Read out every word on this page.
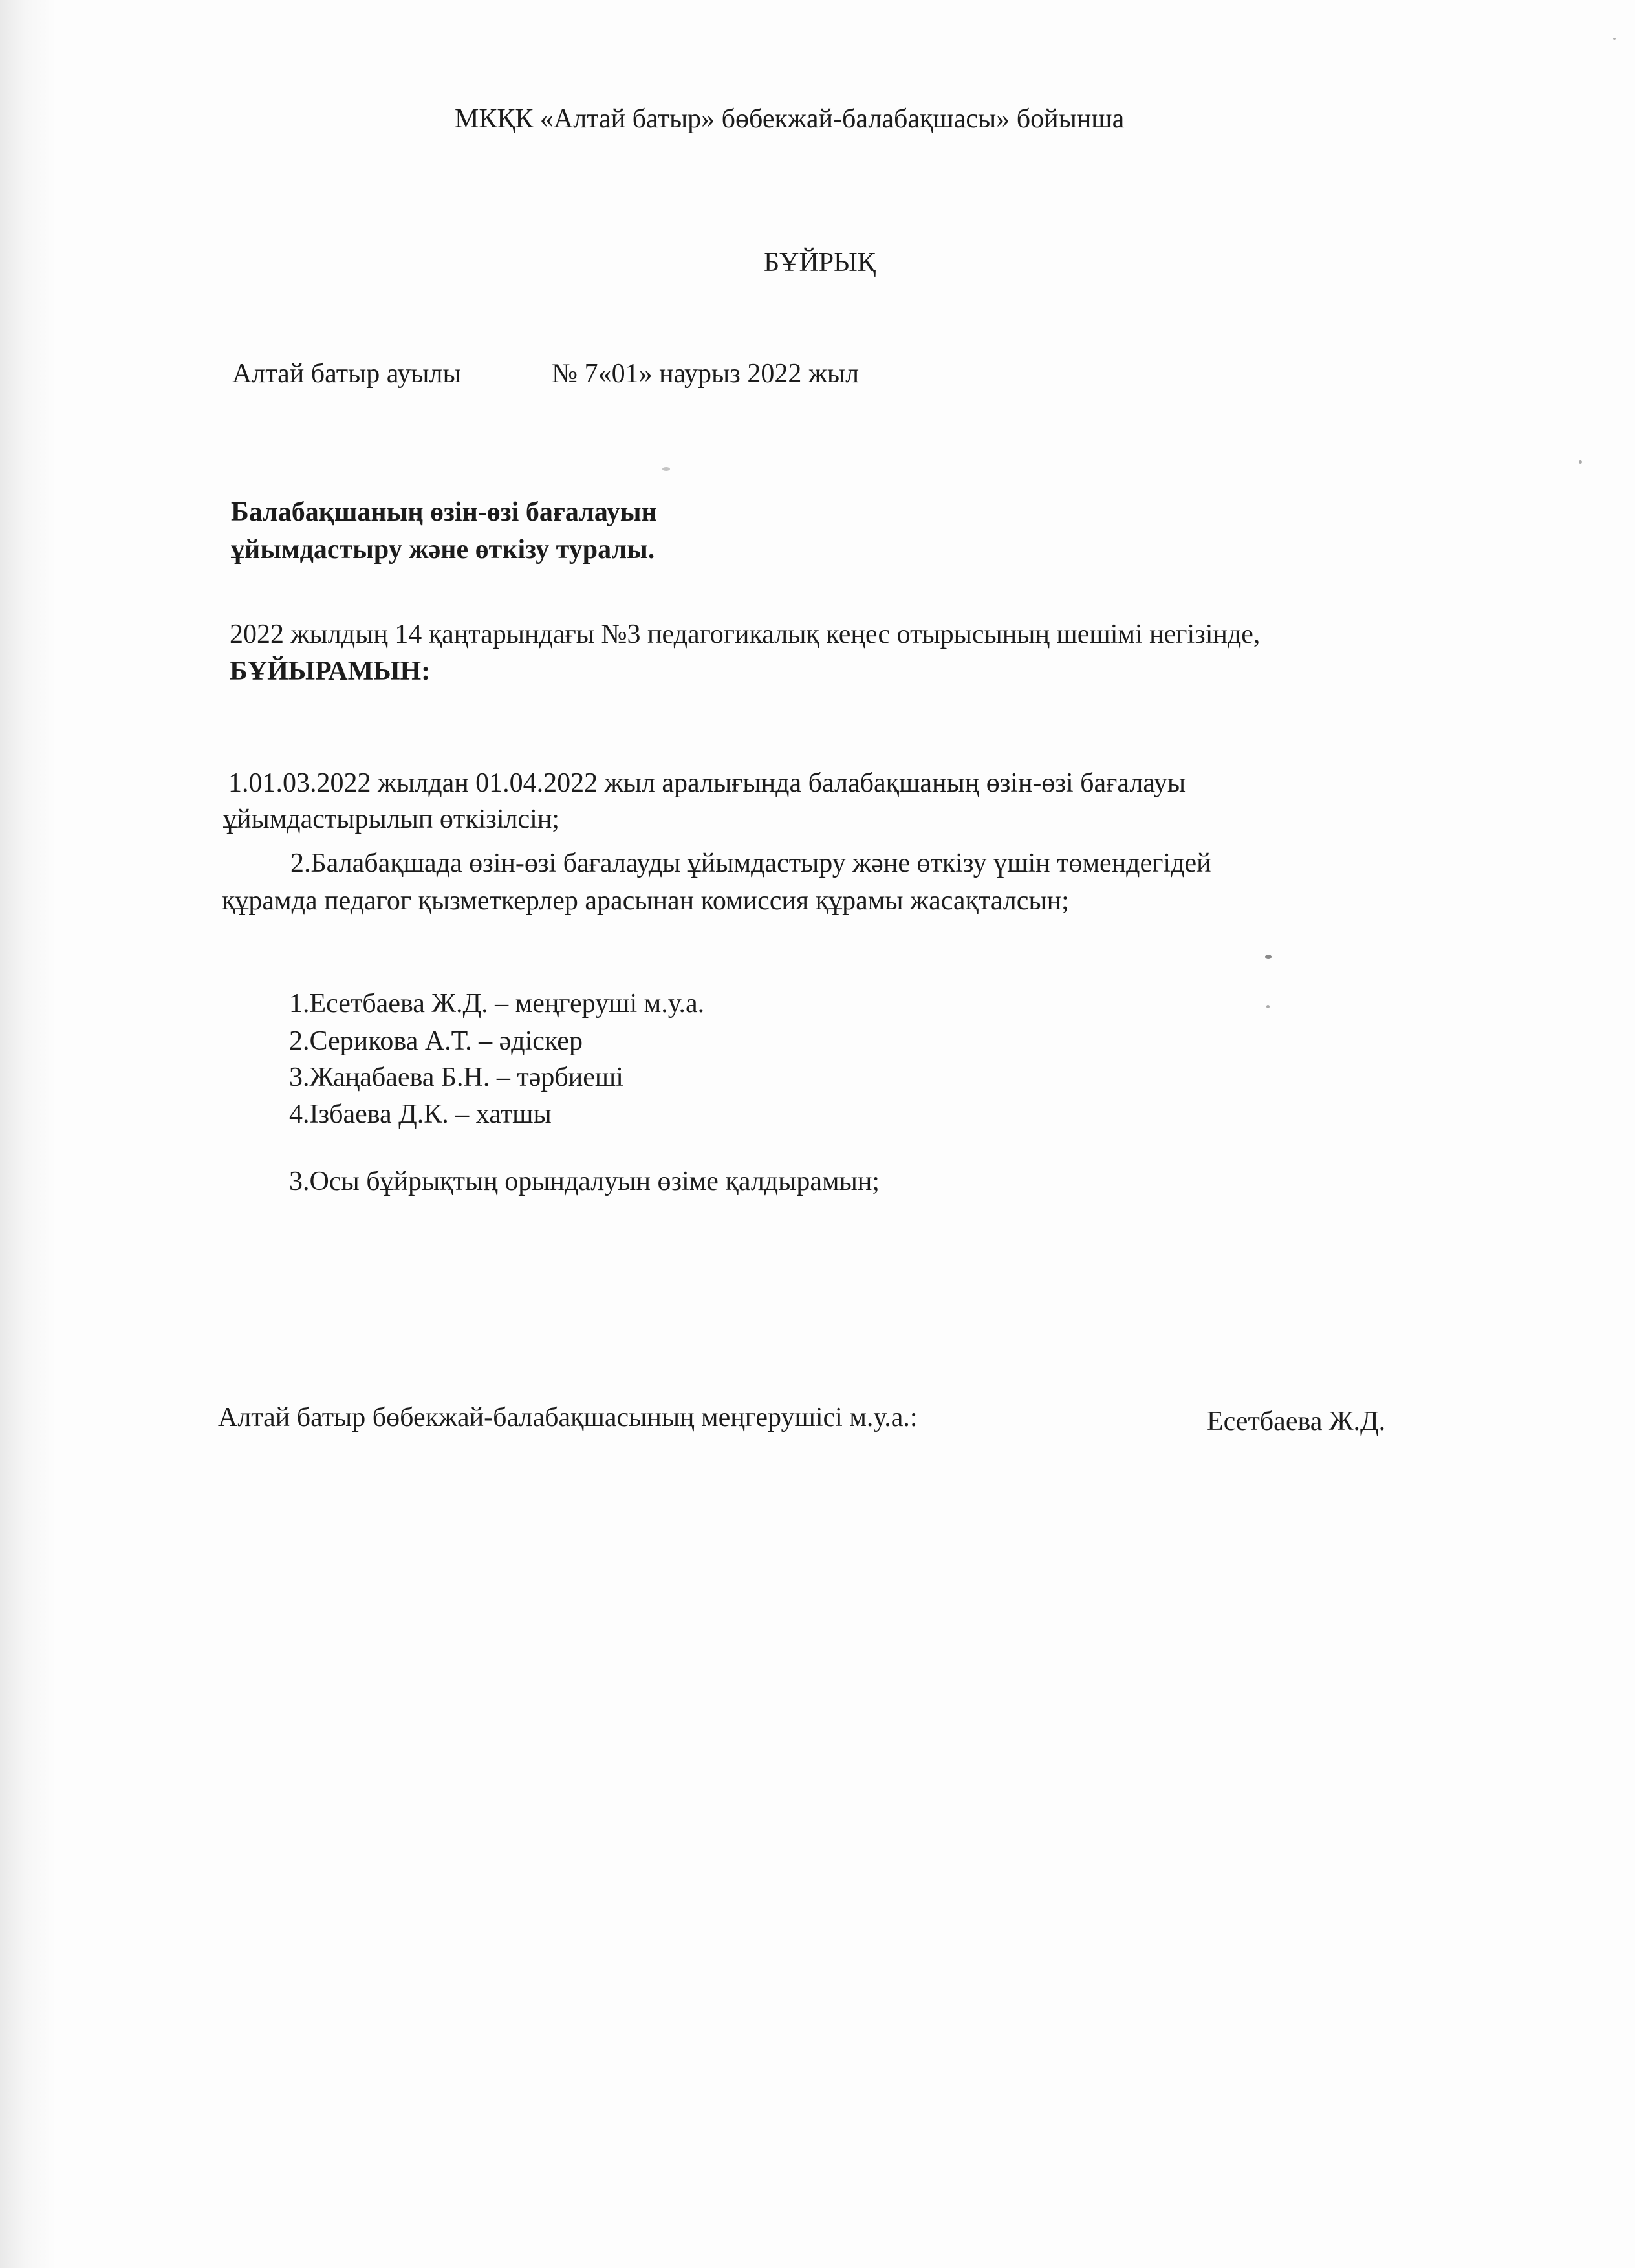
МКҚК «Алтай батыр» бөбекжай-балабақшасы» бойынша
БҰЙРЫҚ
Алтай батыр ауылы	№ 7«01» наурыз 2022 жыл
Балабақшаның өзін-өзі бағалауын
ұйымдастыру және өткізу туралы.
2022 жылдың 14 қаңтарындағы №3 педагогикалық кеңес отырысының шешімі негізінде,
БҰЙЫРАМЫН:
1.01.03.2022 жылдан 01.04.2022 жыл аралығында балабақшаның өзін-өзі бағалауы
ұйымдастырылып өткізілсін;
2.Балабақшада өзін-өзі бағалауды ұйымдастыру және өткізу үшін төмендегідей
құрамда педагог қызметкерлер арасынан комиссия құрамы жасақталсын;
1.Есетбаева Ж.Д. – меңгеруші м.у.а.
2.Серикова А.Т. – әдіскер
3.Жаңабаева Б.Н. – тәрбиеші
4.Ізбаева Д.К. – хатшы
3.Осы бұйрықтың орындалуын өзіме қалдырамын;
Алтай батыр бөбекжай-балабақшасының меңгерушісі м.у.а.:	Есетбаева Ж.Д.
